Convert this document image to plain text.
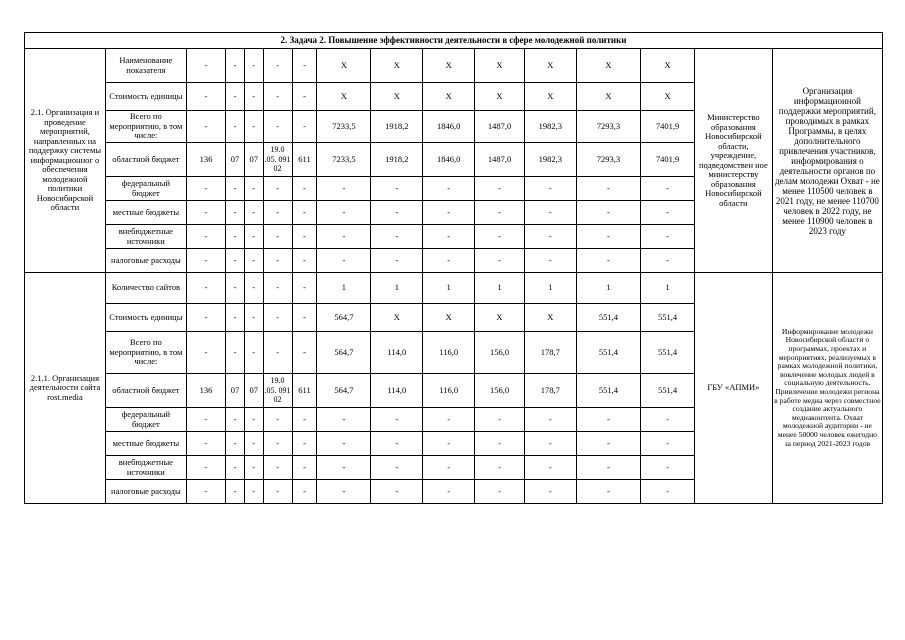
2. Задача 2. Повышение эффективности деятельности в сфере молодежной политики															
2.1. Организация и проведение мероприятий, направленных на поддержку системы информационног о обеспечения молодежной политики Новосибирской области	Наименование показателя	-	-	-	-	-	Х	Х	Х	Х	Х	Х	Х	Министерство образования Новосибирской области, учреждение, подведомствен ное министерству образования Новосибирской области	Организация информационной поддержки мероприятий, проводимых в рамках Программы, в целях дополнительного привлечения участников, информирования о деятельности органов по делам молодежи Охват - не менее 110500 человек в 2021 году, не менее 110700 человек в 2022 году, не менее 110900 человек в 2023 году
	Стоимость единицы	-	-	-	-	-	Х	Х	Х	Х	Х	Х	Х		
	Всего по мероприятию, в том числе:	-	-	-	-	-	7233,5	1918,2	1846,0	1487,0	1982,3	7293,3	7401,9		
	областной бюджет	136	07	07	19.0 .05. 091 02	611	7233,5	1918,2	1846,0	1487,0	1982,3	7293,3	7401,9		
	федеральный бюджет	-	-	-	-	-	-	-	-	-	-	-	-		
	местные бюджеты	-	-	-	-	-	-	-	-	-	-	-	-		
	внебюджетные источники	-	-	-	-	-	-	-	-	-	-	-	-		
	налоговые расходы	-	-	-	-	-	-	-	-	-	-	-	-		
2.1.1. Организация деятельности сайта rost.media	Количество сайтов	-	-	-	-	-	1	1	1	1	1	1	1	ГБУ «АПМИ»	Информирование молодежи Новосибирской области о программах, проектах и мероприятиях, реализуемых в рамках молодежной политики, вовлечение молодых людей в социальную деятельность. Привлечение молодежи региона в работе медиа через совместное создание актуального медиаконтента. Охват молодежной аудитории - не менее 50000 человек ежегодно за период 2021-2023 годов
	Стоимость единицы	-	-	-	-	-	564,7	Х	Х	Х	Х	551,4	551,4		
	Всего по мероприятию, в том числе:	-	-	-	-	-	564,7	114,0	116,0	156,0	178,7	551,4	551,4		
	областной бюджет	136	07	07	19.0 .05. 091 02	611	564,7	114,0	116,0	156,0	178,7	551,4	551,4		
	федеральный бюджет	-	-	-	-	-	-	-	-	-	-	-	-		
	местные бюджеты	-	-	-	-	-	-	-	-	-	-	-	-		
	внебюджетные источники	-	-	-	-	-	-	-	-	-	-	-	-		
	налоговые расходы	-	-	-	-	-	-	-	-	-	-	-	-		
